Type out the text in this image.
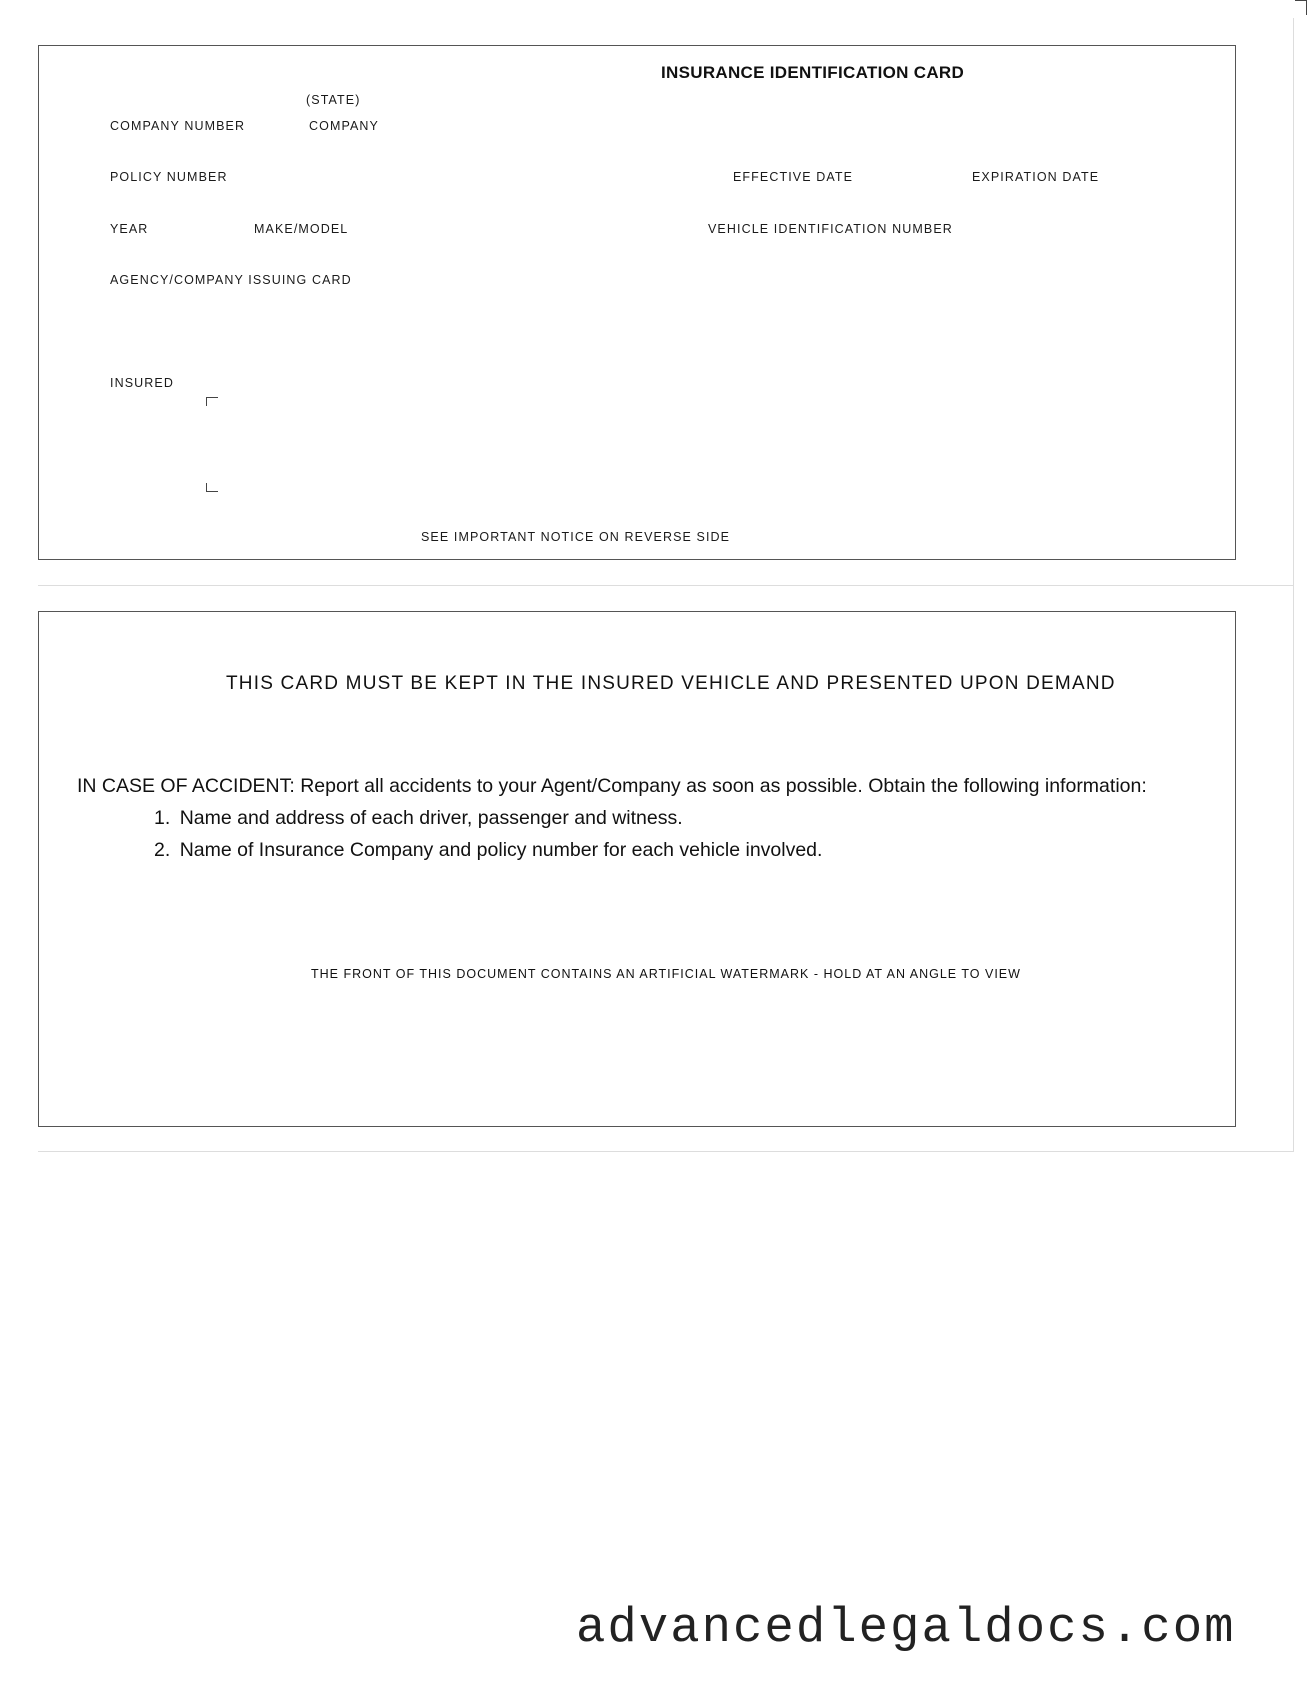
INSURANCE IDENTIFICATION CARD
(STATE)
COMPANY NUMBER	COMPANY
POLICY NUMBER	EFFECTIVE DATE	EXPIRATION DATE
YEAR	MAKE/MODEL	VEHICLE IDENTIFICATION NUMBER
AGENCY/COMPANY ISSUING CARD
INSURED
SEE IMPORTANT NOTICE ON REVERSE SIDE
THIS CARD MUST BE KEPT IN THE INSURED VEHICLE AND PRESENTED UPON DEMAND
IN CASE OF ACCIDENT: Report all accidents to your Agent/Company as soon as possible. Obtain the following information:
1. Name and address of each driver, passenger and witness.
2. Name of Insurance Company and policy number for each vehicle involved.
THE FRONT OF THIS DOCUMENT CONTAINS AN ARTIFICIAL WATERMARK - HOLD AT AN ANGLE TO VIEW
advancedlegaldocs.com
